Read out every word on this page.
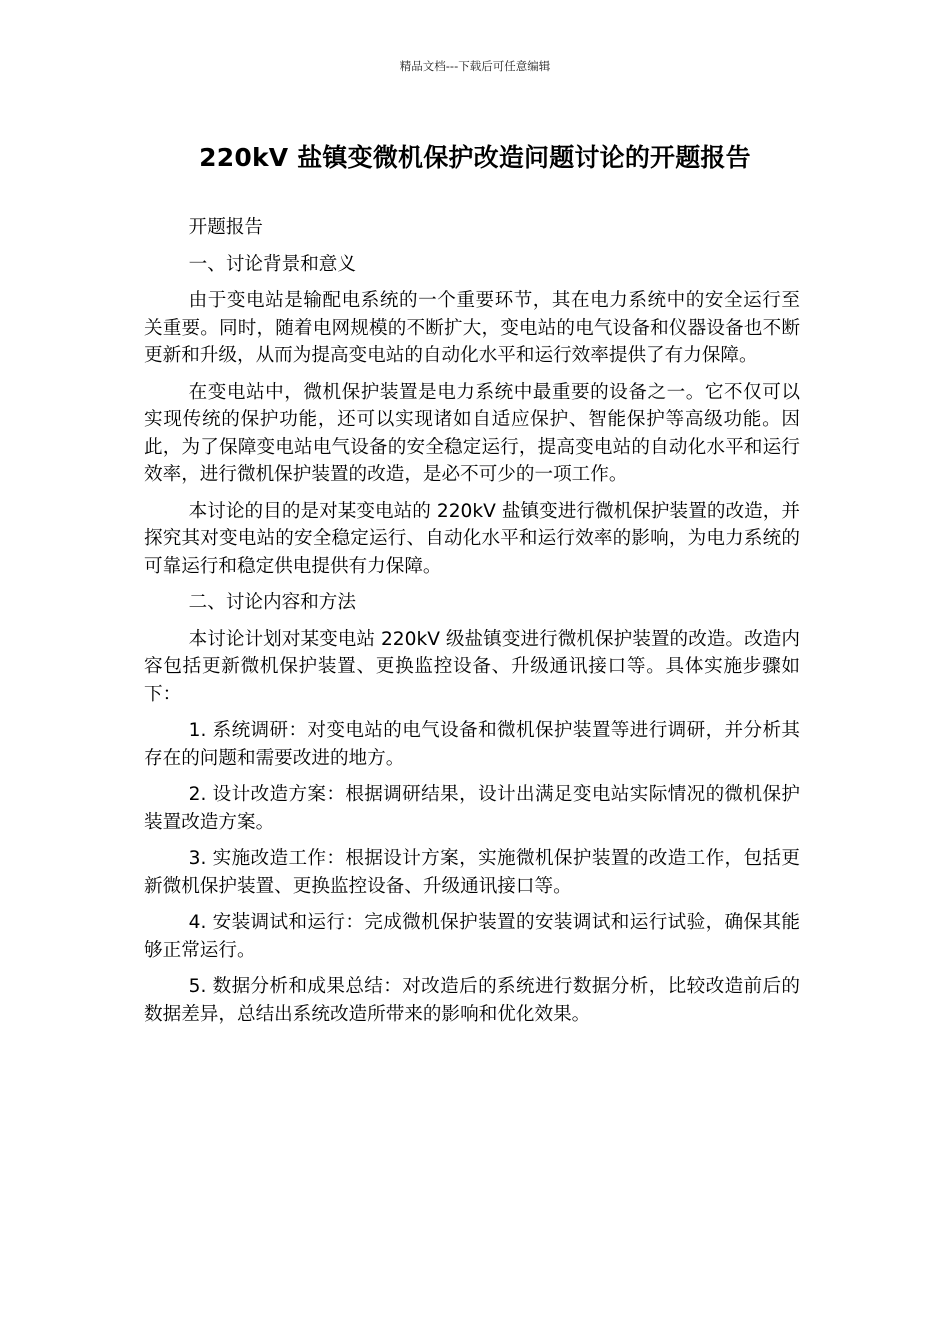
精品文档---下载后可任意编辑
220kV 盐镇变微机保护改造问题讨论的开题报告

开题报告

一、讨论背景和意义

由于变电站是输配电系统的一个重要环节，其在电力系统中的安全运行至关重要。同时，随着电网规模的不断扩大，变电站的电气设备和仪器设备也不断更新和升级，从而为提高变电站的自动化水平和运行效率提供了有力保障。

在变电站中，微机保护装置是电力系统中最重要的设备之一。它不仅可以实现传统的保护功能，还可以实现诸如自适应保护、智能保护等高级功能。因此，为了保障变电站电气设备的安全稳定运行，提高变电站的自动化水平和运行效率，进行微机保护装置的改造，是必不可少的一项工作。

本讨论的目的是对某变电站的 220kV 盐镇变进行微机保护装置的改造，并探究其对变电站的安全稳定运行、自动化水平和运行效率的影响，为电力系统的可靠运行和稳定供电提供有力保障。

二、讨论内容和方法

本讨论计划对某变电站 220kV 级盐镇变进行微机保护装置的改造。改造内容包括更新微机保护装置、更换监控设备、升级通讯接口等。具体实施步骤如下：

1. 系统调研：对变电站的电气设备和微机保护装置等进行调研，并分析其存在的问题和需要改进的地方。

2. 设计改造方案：根据调研结果，设计出满足变电站实际情况的微机保护装置改造方案。

3. 实施改造工作：根据设计方案，实施微机保护装置的改造工作，包括更新微机保护装置、更换监控设备、升级通讯接口等。

4. 安装调试和运行：完成微机保护装置的安装调试和运行试验，确保其能够正常运行。

5. 数据分析和成果总结：对改造后的系统进行数据分析，比较改造前后的数据差异，总结出系统改造所带来的影响和优化效果。
